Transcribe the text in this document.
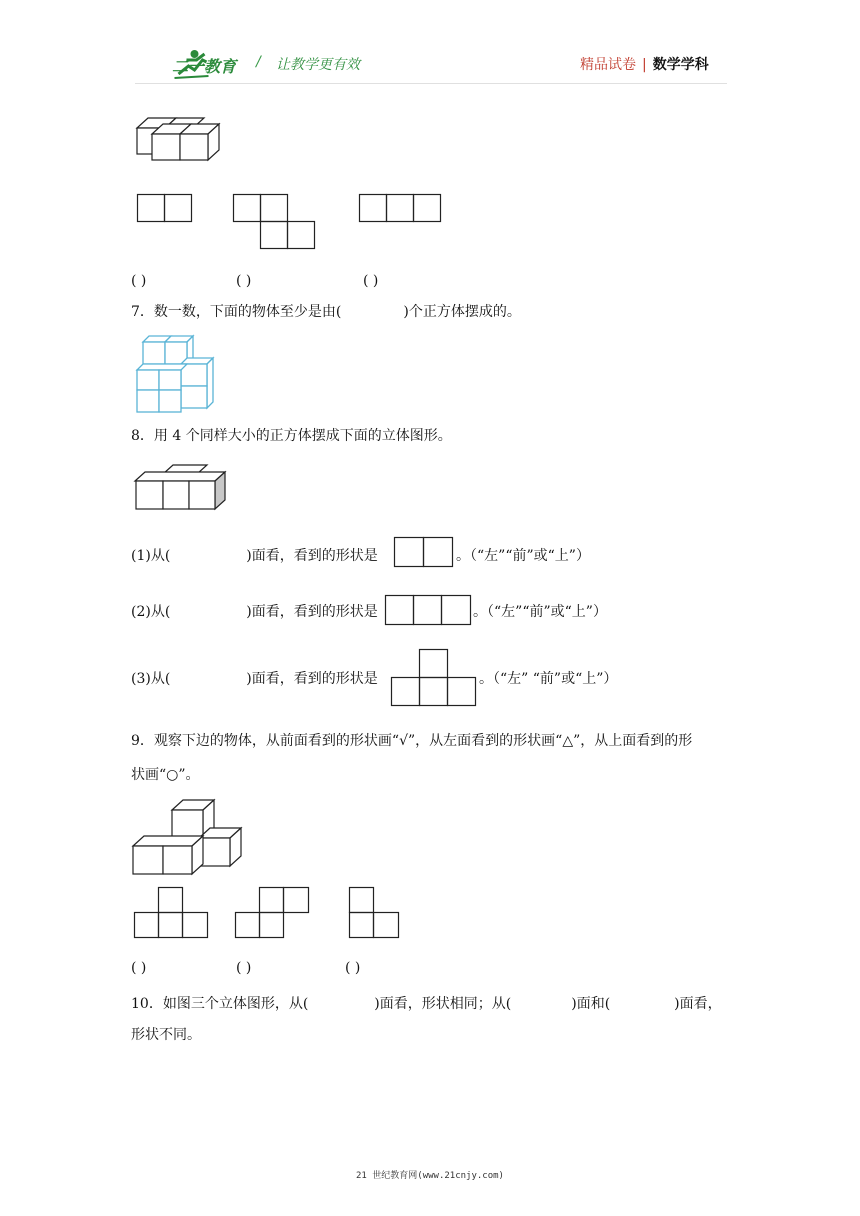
二一教育 / 让教学更有效	精品试卷 | 数学学科
( )	( )	( )
7．数一数，下面的物体至少是由(	)个正方体摆成的。
8．用 4 个同样大小的正方体摆成下面的立体图形。
(1)从(	)面看，看到的形状是	。（“左”“前”或“上”）
(2)从(	)面看，看到的形状是	。（“左”“前”或“上”）
(3)从(	)面看，看到的形状是	。（“左” “前”或“上”）
9．观察下边的物体，从前面看到的形状画“√”，从左面看到的形状画“△”，从上面看到的形
状画“○”。
( )	( )	( )
10．如图三个立体图形，从(	)面看，形状相同；从(	)面和(	)面看，
形状不同。
21 世纪教育网(www.21cnjy.com)
